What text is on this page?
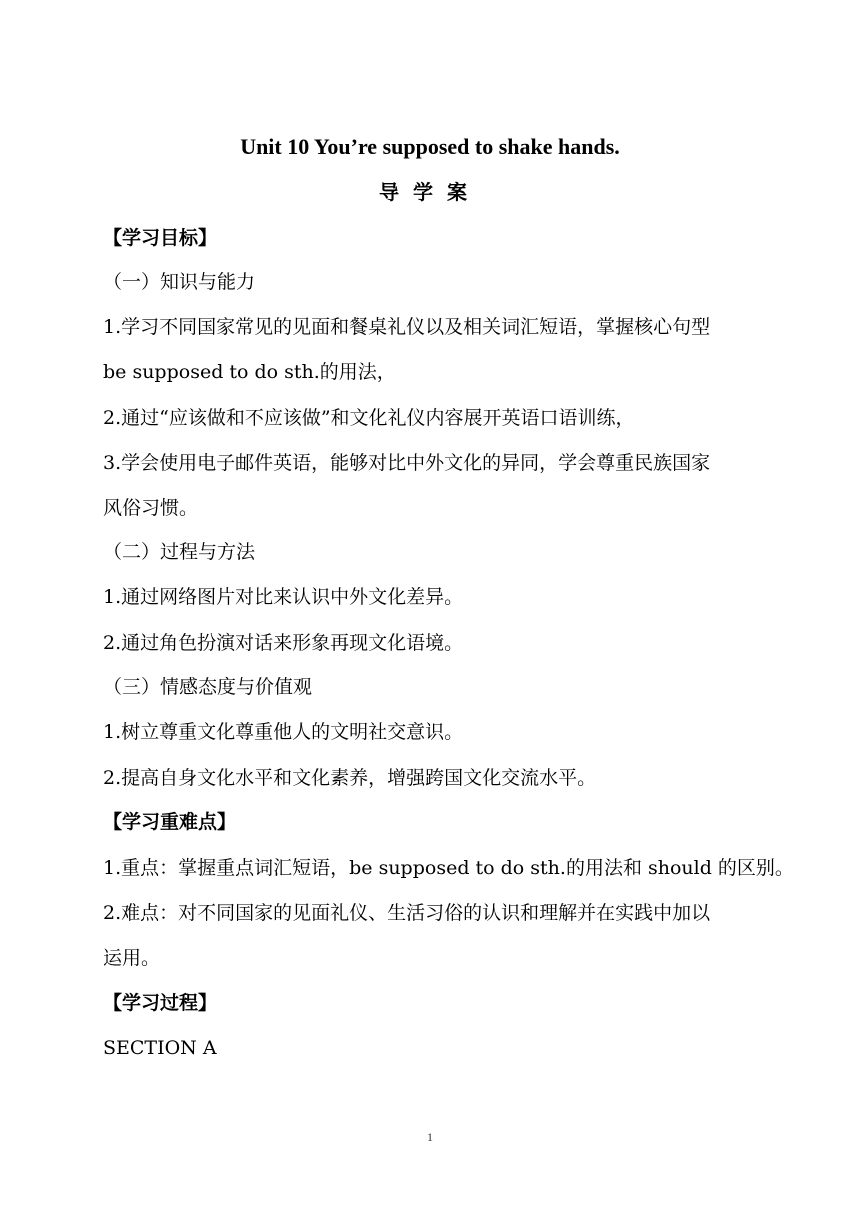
Unit 10 You’re supposed to shake hands.
导学案
【学习目标】
（一）知识与能力
1.学习不同国家常见的见面和餐桌礼仪以及相关词汇短语，掌握核心句型
be supposed to do sth.的用法，
2.通过“应该做和不应该做”和文化礼仪内容展开英语口语训练，
3.学会使用电子邮件英语，能够对比中外文化的异同，学会尊重民族国家
风俗习惯。
（二）过程与方法
1.通过网络图片对比来认识中外文化差异。
2.通过角色扮演对话来形象再现文化语境。
（三）情感态度与价值观
1.树立尊重文化尊重他人的文明社交意识。
2.提高自身文化水平和文化素养，增强跨国文化交流水平。
【学习重难点】
1.重点：掌握重点词汇短语，be supposed to do sth.的用法和 should 的区别。
2.难点：对不同国家的见面礼仪、生活习俗的认识和理解并在实践中加以
运用。
【学习过程】
SECTION A
1
